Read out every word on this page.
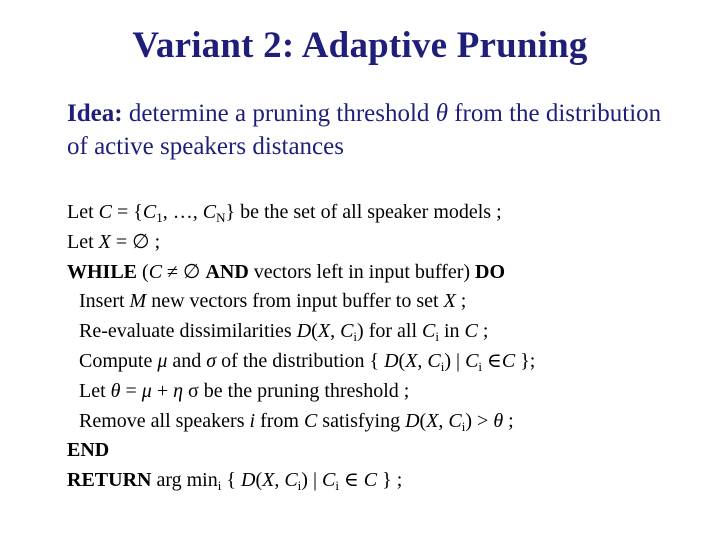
Variant 2: Adaptive Pruning
Idea: determine a pruning threshold θ from the distribution of active speakers distances
Let $C = \{C_1$, …, $C_N$} be the set of all speaker models ;
Let X = ∅ ;
WHILE (C ≠ ∅ AND vectors left in input buffer) DO
Insert M new vectors from input buffer to set X ;
Re-evaluate dissimilarities D(X, $C_i$) for all $C_i$ in C ;
Compute μ and σ of the distribution { D(X, $C_i$) | $C_i$ ∈C };
Let θ = μ + η σ be the pruning threshold ;
Remove all speakers i from C satisfying D(X, $C_i) > \theta$ ;
END
RETURN arg $\min_i$ { D(X, $C_i$) | $C_i$ ∈ C } ;
